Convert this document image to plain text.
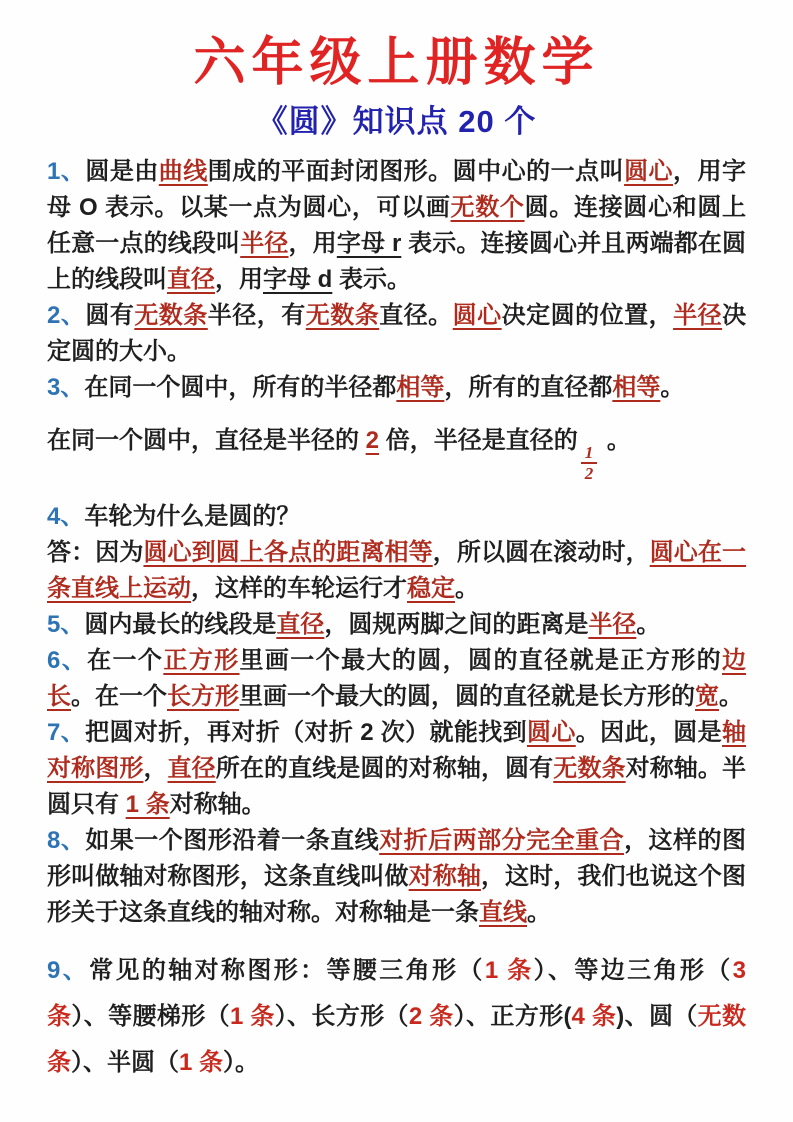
六年级上册数学
《圆》知识点 20 个
1、圆是由曲线围成的平面封闭图形。圆中心的一点叫圆心，用字母 O 表示。以某一点为圆心，可以画无数个圆。连接圆心和圆上任意一点的线段叫半径，用字母 r 表示。连接圆心并且两端都在圆上的线段叫直径，用字母 d 表示。
2、圆有无数条半径，有无数条直径。圆心决定圆的位置，半径决定圆的大小。
3、在同一个圆中，所有的半径都相等，所有的直径都相等。
在同一个圆中，直径是半径的 2 倍，半径是直径的
$\frac{1}{2}$
。
4、车轮为什么是圆的？
答：因为圆心到圆上各点的距离相等，所以圆在滚动时，圆心在一条直线上运动，这样的车轮运行才稳定。
5、圆内最长的线段是直径，圆规两脚之间的距离是半径。
6、在一个正方形里画一个最大的圆，圆的直径就是正方形的边长。在一个长方形里画一个最大的圆，圆的直径就是长方形的宽。
7、把圆对折，再对折（对折 2 次）就能找到圆心。因此，圆是轴对称图形，直径所在的直线是圆的对称轴，圆有无数条对称轴。半圆只有 1 条对称轴。
8、如果一个图形沿着一条直线对折后两部分完全重合，这样的图形叫做轴对称图形，这条直线叫做对称轴，这时，我们也说这个图形关于这条直线的轴对称。对称轴是一条直线。
9、常见的轴对称图形：等腰三角形（1 条）、等边三角形（3 条）、等腰梯形（1 条）、长方形（2 条）、正方形(4 条)、圆（无数条）、半圆（1 条）。
